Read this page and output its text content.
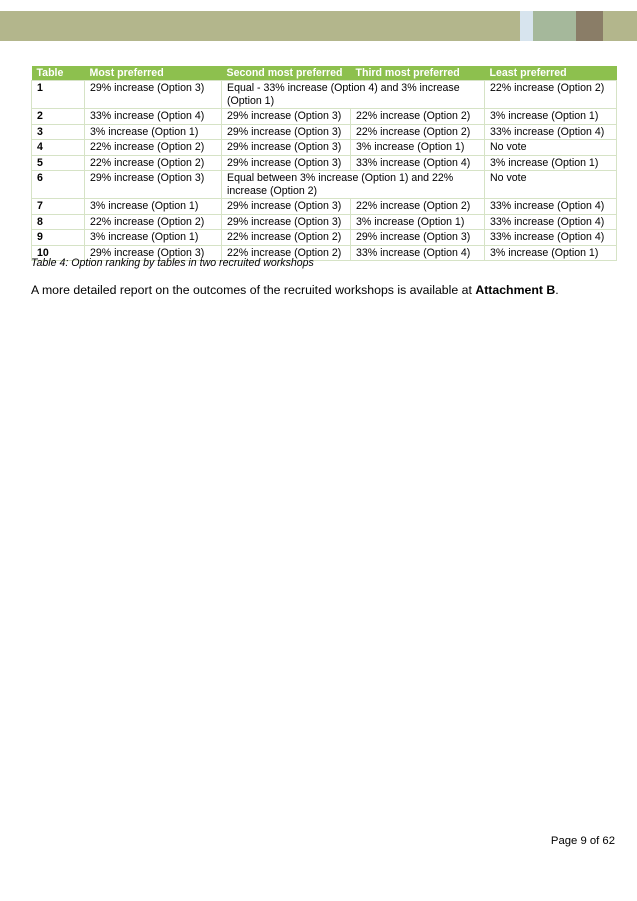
Table	Most preferred	Second most preferred	Third most preferred	Least preferred
1	29% increase (Option 3)	Equal - 33% increase (Option 4) and 3% increase (Option 1)		22% increase (Option 2)
2	33% increase (Option 4)	29% increase (Option 3)	22% increase (Option 2)	3% increase (Option 1)
3	3% increase (Option 1)	29% increase (Option 3)	22% increase (Option 2)	33% increase (Option 4)
4	22% increase (Option 2)	29% increase (Option 3)	3% increase (Option 1)	No vote
5	22% increase (Option 2)	29% increase (Option 3)	33% increase (Option 4)	3% increase (Option 1)
6	29% increase (Option 3)	Equal between 3% increase (Option 1) and 22% increase (Option 2)		No vote
7	3% increase (Option 1)	29% increase (Option 3)	22% increase (Option 2)	33% increase (Option 4)
8	22% increase (Option 2)	29% increase (Option 3)	3% increase (Option 1)	33% increase (Option 4)
9	3% increase (Option 1)	22% increase (Option 2)	29% increase (Option 3)	33% increase (Option 4)
10	29% increase (Option 3)	22% increase (Option 2)	33% increase (Option 4)	3% increase (Option 1)
Table 4: Option ranking by tables in two recruited workshops
A more detailed report on the outcomes of the recruited workshops is available at Attachment B.
Page 9 of 62
